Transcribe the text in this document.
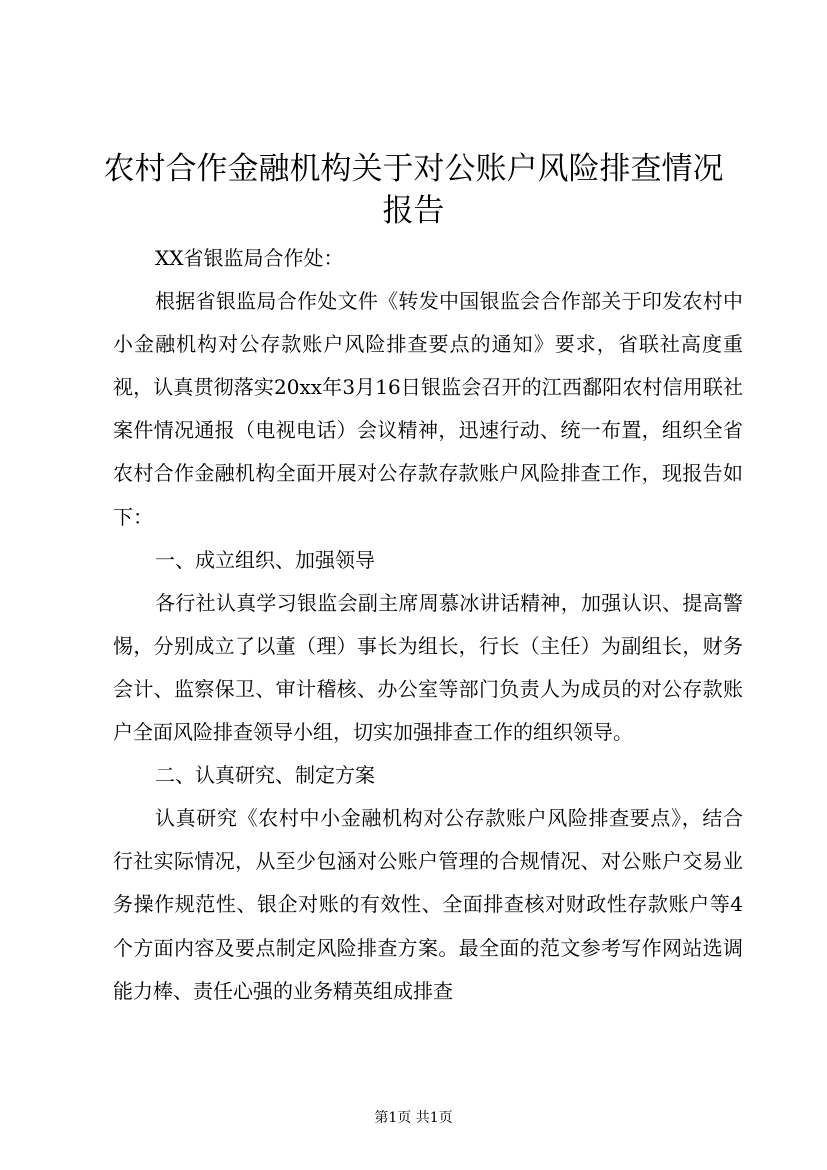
农村合作金融机构关于对公账户风险排查情况
报告

XX省银监局合作处：

根据省银监局合作处文件《转发中国银监会合作部关于印发农村中小金融机构对公存款账户风险排查要点的通知》要求，省联社高度重视，认真贯彻落实20xx年3月16日银监会召开的江西鄱阳农村信用联社案件情况通报（电视电话）会议精神，迅速行动、统一布置，组织全省农村合作金融机构全面开展对公存款存款账户风险排查工作，现报告如下：

一、成立组织、加强领导

各行社认真学习银监会副主席周慕冰讲话精神，加强认识、提高警惕，分别成立了以董（理）事长为组长，行长（主任）为副组长，财务会计、监察保卫、审计稽核、办公室等部门负责人为成员的对公存款账户全面风险排查领导小组，切实加强排查工作的组织领导。

二、认真研究、制定方案

认真研究《农村中小金融机构对公存款账户风险排查要点》，结合行社实际情况，从至少包涵对公账户管理的合规情况、对公账户交易业务操作规范性、银企对账的有效性、全面排查核对财政性存款账户等4个方面内容及要点制定风险排查方案。最全面的范文参考写作网站选调能力棒、责任心强的业务精英组成排查

第1页 共1页
